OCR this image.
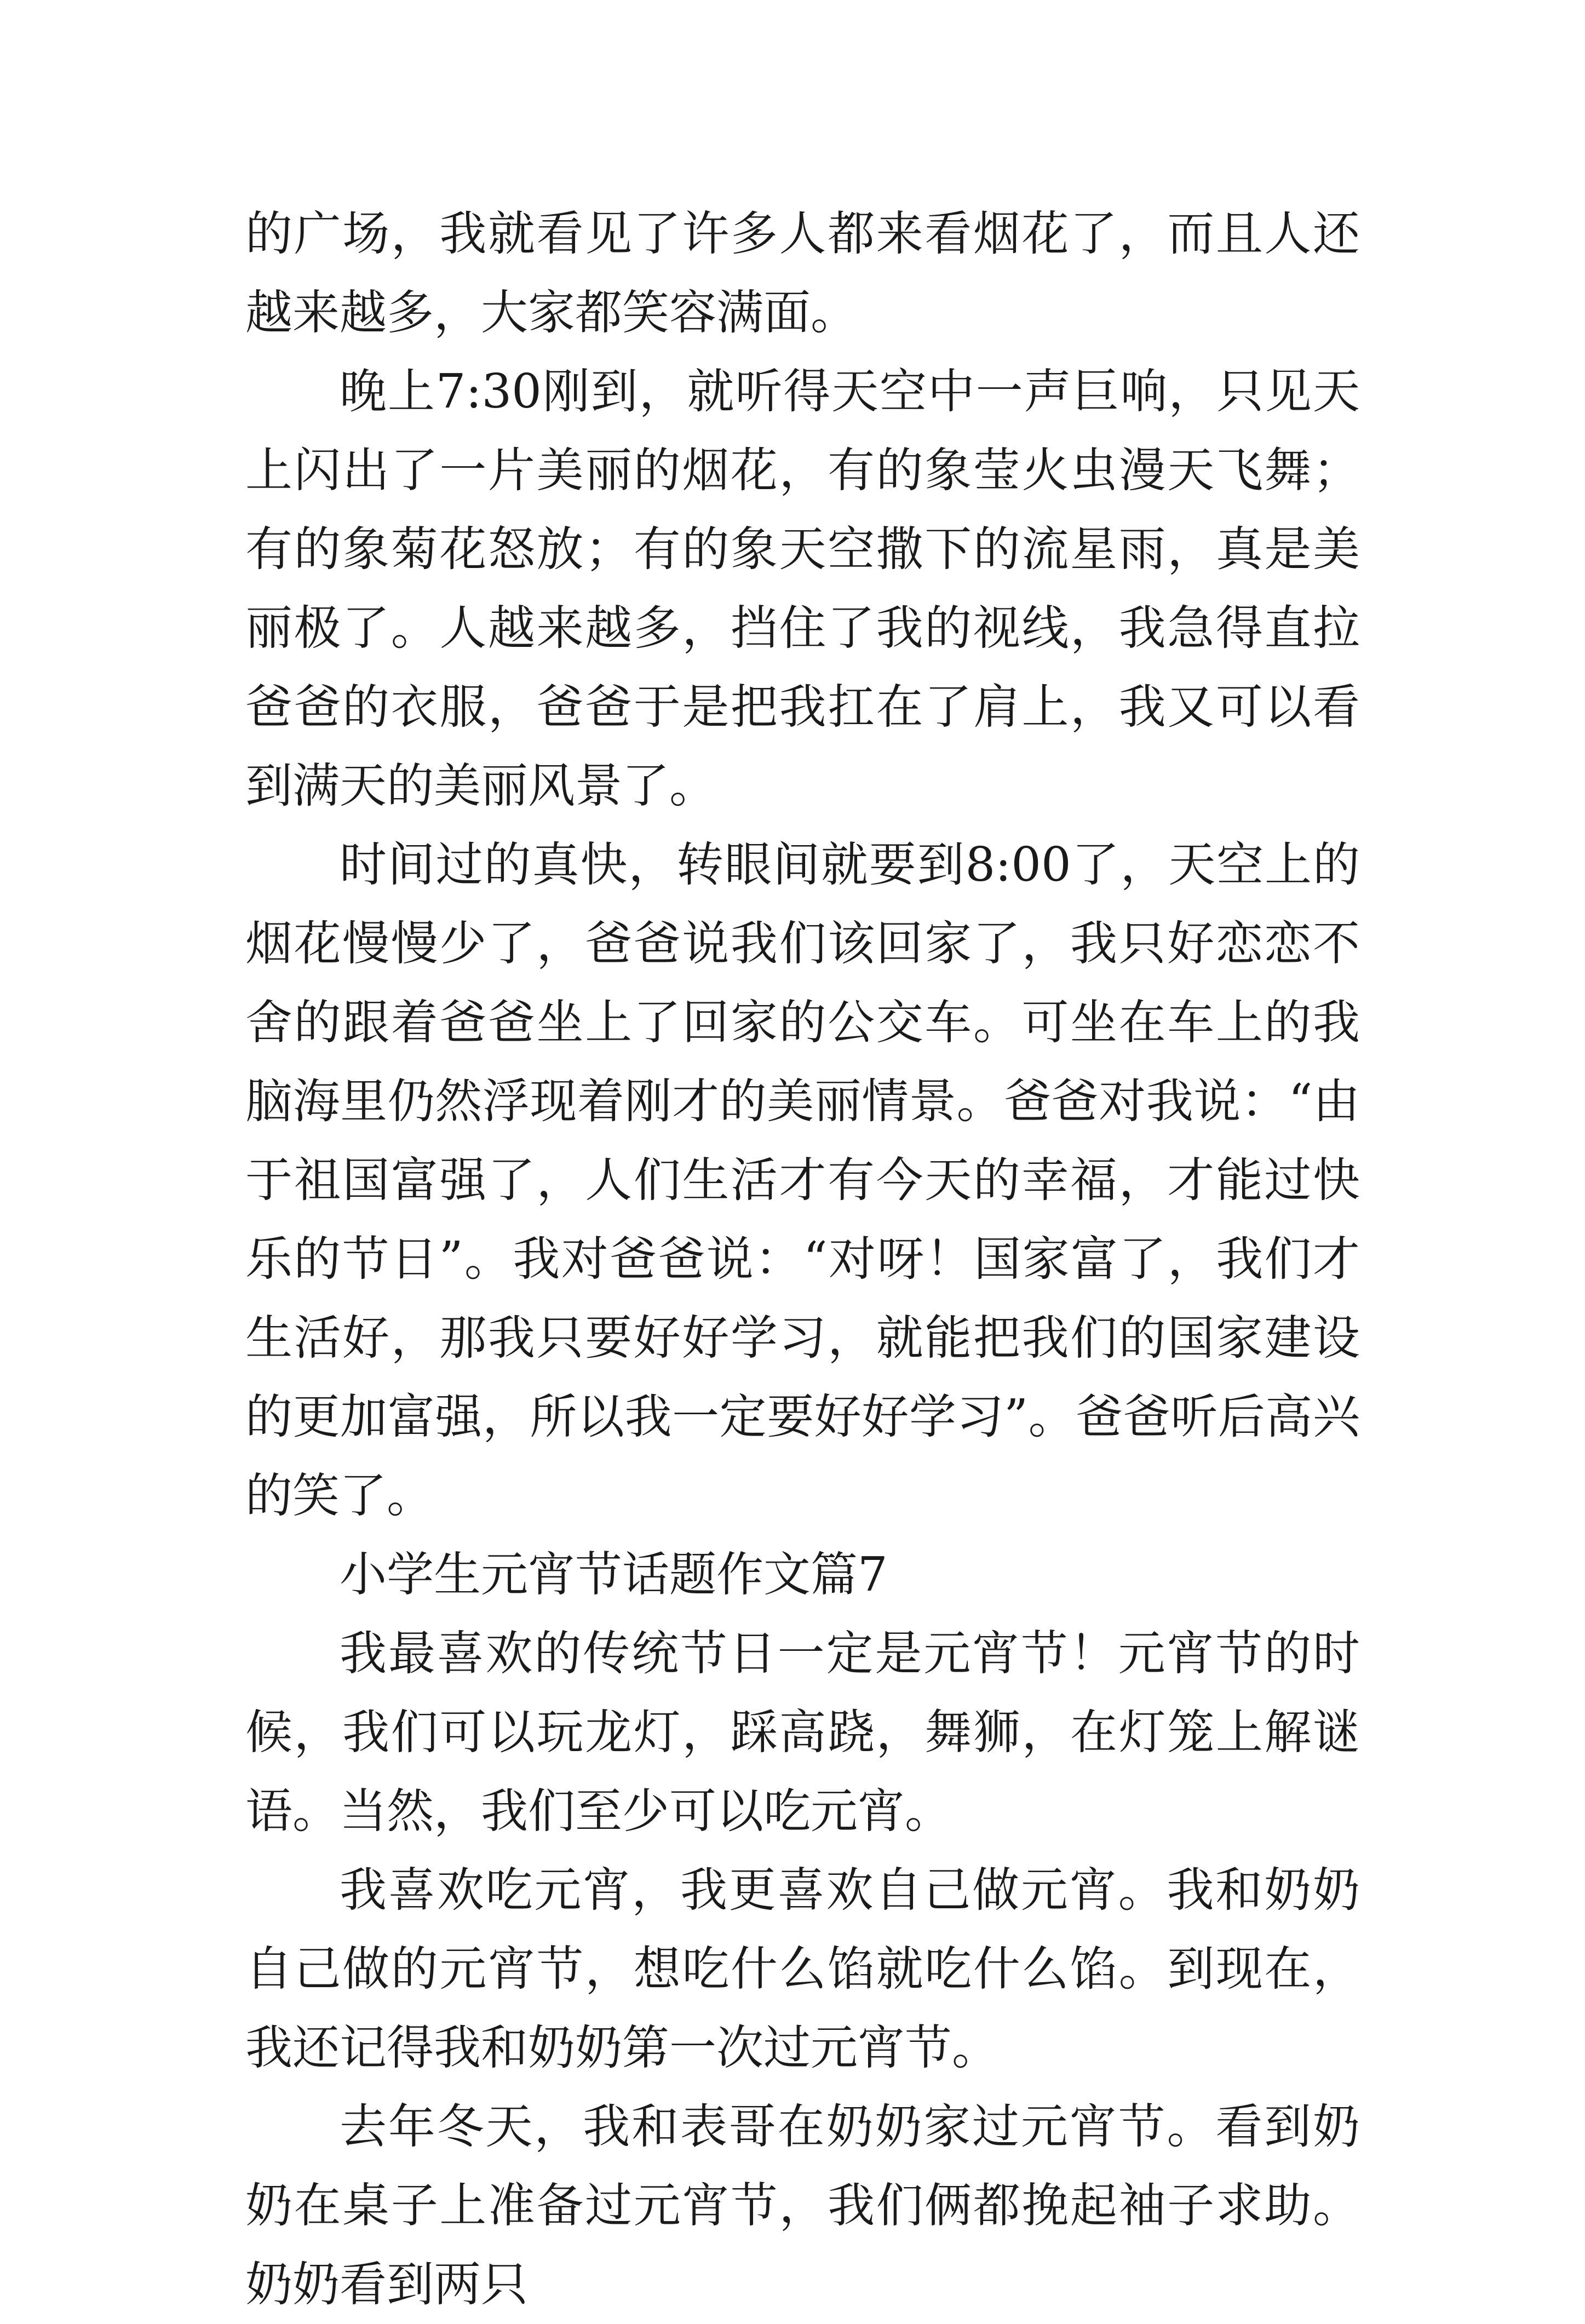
的广场，我就看见了许多人都来看烟花了，而且人还越来越多，大家都笑容满面。

晚上7:30刚到，就听得天空中一声巨响，只见天上闪出了一片美丽的烟花，有的象莹火虫漫天飞舞；有的象菊花怒放；有的象天空撒下的流星雨，真是美丽极了。人越来越多，挡住了我的视线，我急得直拉爸爸的衣服，爸爸于是把我扛在了肩上，我又可以看到满天的美丽风景了。

时间过的真快，转眼间就要到8:00了，天空上的烟花慢慢少了，爸爸说我们该回家了，我只好恋恋不舍的跟着爸爸坐上了回家的公交车。可坐在车上的我脑海里仍然浮现着刚才的美丽情景。爸爸对我说：“由于祖国富强了，人们生活才有今天的幸福，才能过快乐的节日”。我对爸爸说：“对呀！国家富了，我们才生活好，那我只要好好学习，就能把我们的国家建设的更加富强，所以我一定要好好学习”。爸爸听后高兴的笑了。

小学生元宵节话题作文篇7

我最喜欢的传统节日一定是元宵节！元宵节的时候，我们可以玩龙灯，踩高跷，舞狮，在灯笼上解谜语。当然，我们至少可以吃元宵。

我喜欢吃元宵，我更喜欢自己做元宵。我和奶奶自己做的元宵节，想吃什么馅就吃什么馅。到现在，我还记得我和奶奶第一次过元宵节。

去年冬天，我和表哥在奶奶家过元宵节。看到奶奶在桌子上准备过元宵节，我们俩都挽起袖子求助。奶奶看到两只
